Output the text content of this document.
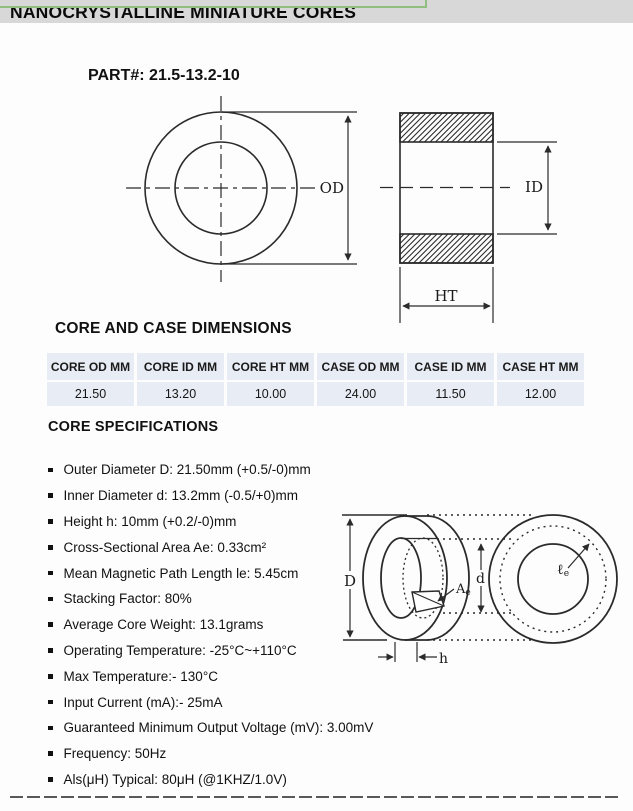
NANOCRYSTALLINE MINIATURE CORES
PART#: 21.5-13.2-10
OD	ID
HT
CORE AND CASE DIMENSIONS
CORE OD MM	CORE ID MM	CORE HT MM	CASE OD MM	CASE ID MM	CASE HT MM
21.50	13.20	10.00	24.00	11.50	12.00
CORE SPECIFICATIONS
Outer Diameter D: 21.50mm (+0.5/-0)mm
Inner Diameter d: 13.2mm (-0.5/+0)mm
Height h: 10mm (+0.2/-0)mm
Cross-Sectional Area Ae: 0.33cm²
Mean Magnetic Path Length le: 5.45cm
Stacking Factor: 80%
Average Core Weight: 13.1grams
Operating Temperature: -25°C~+110°C
Max Temperature:- 130°C
Input Current (mA):- 25mA
Guaranteed Minimum Output Voltage (mV): 3.00mV
Frequency: 50Hz
Als(μH) Typical: 80μH (@1KHZ/1.0V)
D	d
h
Ae
ℓe
